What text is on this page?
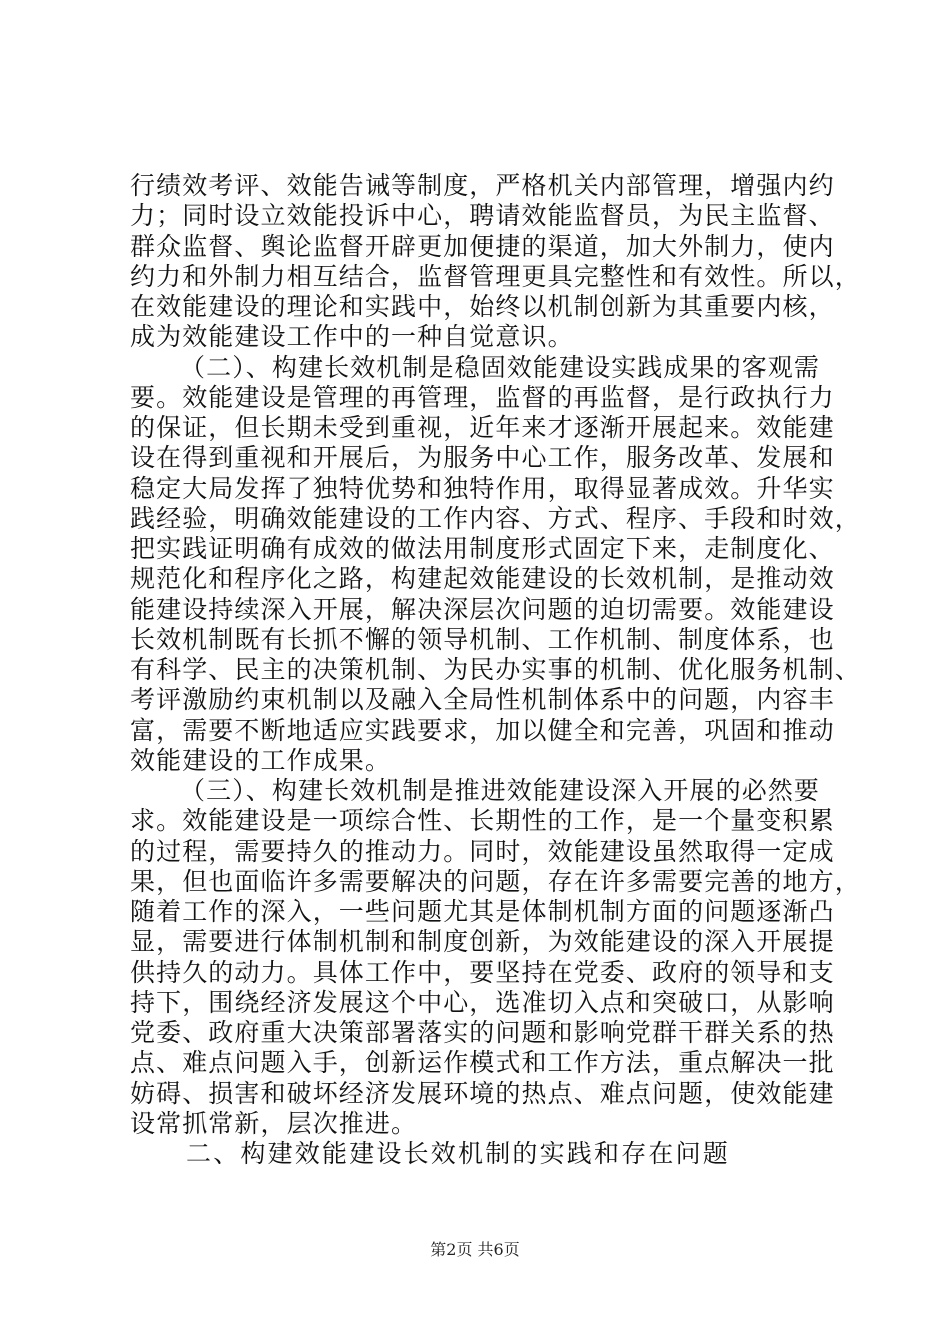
行绩效考评、效能告诫等制度，严格机关内部管理，增强内约
力；同时设立效能投诉中心，聘请效能监督员，为民主监督、
群众监督、舆论监督开辟更加便捷的渠道，加大外制力，使内
约力和外制力相互结合，监督管理更具完整性和有效性。所以，
在效能建设的理论和实践中，始终以机制创新为其重要内核，
成为效能建设工作中的一种自觉意识。
（二）、构建长效机制是稳固效能建设实践成果的客观需
要。效能建设是管理的再管理，监督的再监督，是行政执行力
的保证，但长期未受到重视，近年来才逐渐开展起来。效能建
设在得到重视和开展后，为服务中心工作，服务改革、发展和
稳定大局发挥了独特优势和独特作用，取得显著成效。升华实
践经验，明确效能建设的工作内容、方式、程序、手段和时效，
把实践证明确有成效的做法用制度形式固定下来，走制度化、
规范化和程序化之路，构建起效能建设的长效机制，是推动效
能建设持续深入开展，解决深层次问题的迫切需要。效能建设
长效机制既有长抓不懈的领导机制、工作机制、制度体系，也
有科学、民主的决策机制、为民办实事的机制、优化服务机制、
考评激励约束机制以及融入全局性机制体系中的问题，内容丰
富，需要不断地适应实践要求，加以健全和完善，巩固和推动
效能建设的工作成果。
（三）、构建长效机制是推进效能建设深入开展的必然要
求。效能建设是一项综合性、长期性的工作，是一个量变积累
的过程，需要持久的推动力。同时，效能建设虽然取得一定成
果，但也面临许多需要解决的问题，存在许多需要完善的地方，
随着工作的深入，一些问题尤其是体制机制方面的问题逐渐凸
显，需要进行体制机制和制度创新，为效能建设的深入开展提
供持久的动力。具体工作中，要坚持在党委、政府的领导和支
持下，围绕经济发展这个中心，选准切入点和突破口，从影响
党委、政府重大决策部署落实的问题和影响党群干群关系的热
点、难点问题入手，创新运作模式和工作方法，重点解决一批
妨碍、损害和破坏经济发展环境的热点、难点问题，使效能建
设常抓常新，层次推进。
二、构建效能建设长效机制的实践和存在问题
第2页 共6页
